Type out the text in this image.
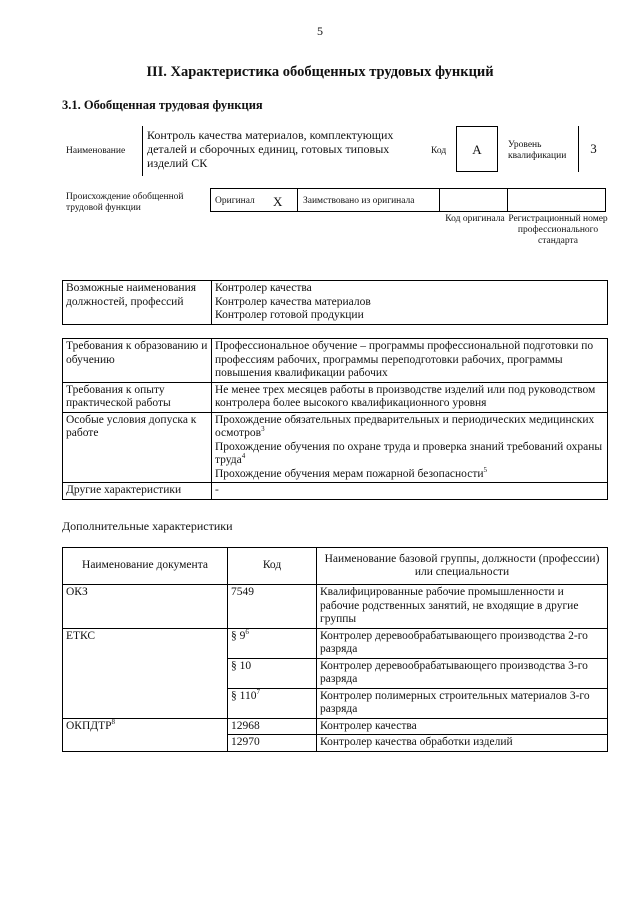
5
III. Характеристика обобщенных трудовых функций
3.1. Обобщенная трудовая функция
Наименование
Контроль качества материалов, комплектующих деталей и сборочных единиц, готовых типовых изделий СК
Код	А	Уровень квалификации	3
Происхождение обобщенной трудовой функции
Оригинал X Заимствовано из оригинала
Код оригинала Регистрационный номер профессионального стандарта
Возможные наименования должностей, профессий	
Контролер качества
Контролер качества материалов
Контролер готовой продукции
Требования к образованию и обучению	Профессиональное обучение – программы профессиональной подготовки по профессиям рабочих, программы переподготовки рабочих, программы повышения квалификации рабочих
Требования к опыту практической работы	Не менее трех месяцев работы в производстве изделий или под руководством контролера более высокого квалификационного уровня
Особые условия допуска к работе	Прохождение обязательных предварительных и периодических медицинских осмотров$^3$
Прохождение обучения по охране труда и проверка знаний требований охраны труда$^4$
Прохождение обучения мерам пожарной безопасности$^5$

Другие характеристики	-
Дополнительные характеристики
Наименование документа	Код	Наименование базовой группы, должности (профессии) или специальности
ОКЗ	7549	Квалифицированные рабочие промышленности и рабочие родственных занятий, не входящие в другие группы
ЕТКС	§ $9^6$	Контролер деревообрабатывающего производства 2-го разряда
	§ 10	Контролер деревообрабатывающего производства 3-го разряда
	§ $110^7$	Контролер полимерных строительных материалов 3-го разряда
ОКПДТР$^8$	12968	Контролер качества
	12970	Контролер качества обработки изделий
